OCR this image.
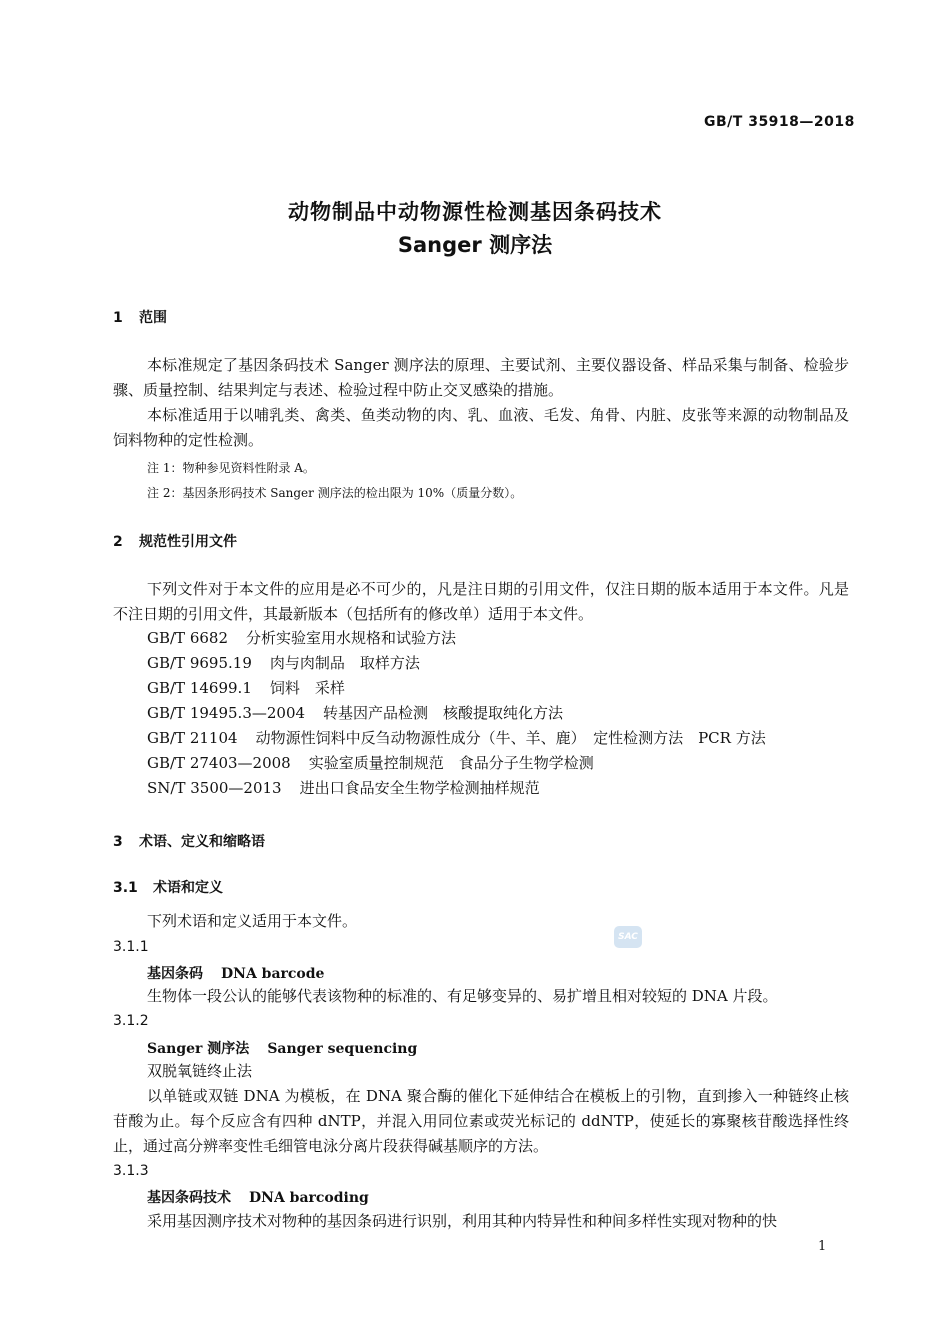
GB/T 35918—2018
动物制品中动物源性检测基因条码技术
Sanger 测序法
1 范围
本标准规定了基因条码技术 Sanger 测序法的原理、主要试剂、主要仪器设备、样品采集与制备、检验步骤、质量控制、结果判定与表述、检验过程中防止交叉感染的措施。
本标准适用于以哺乳类、禽类、鱼类动物的肉、乳、血液、毛发、角骨、内脏、皮张等来源的动物制品及饲料物种的定性检测。
注 1：物种参见资料性附录 A。
注 2：基因条形码技术 Sanger 测序法的检出限为 10%（质量分数）。
2 规范性引用文件
下列文件对于本文件的应用是必不可少的，凡是注日期的引用文件，仅注日期的版本适用于本文件。凡是不注日期的引用文件，其最新版本（包括所有的修改单）适用于本文件。
GB/T 6682 分析实验室用水规格和试验方法
GB/T 9695.19 肉与肉制品　取样方法
GB/T 14699.1 饲料　采样
GB/T 19495.3—2004 转基因产品检测　核酸提取纯化方法
GB/T 21104 动物源性饲料中反刍动物源性成分（牛、羊、鹿）　定性检测方法　PCR 方法
GB/T 27403—2008 实验室质量控制规范　食品分子生物学检测
SN/T 3500—2013 进出口食品安全生物学检测抽样规范
3 术语、定义和缩略语
3.1 术语和定义
下列术语和定义适用于本文件。
3.1.1
基因条码 DNA barcode
生物体一段公认的能够代表该物种的标准的、有足够变异的、易扩增且相对较短的 DNA 片段。
3.1.2
Sanger 测序法 Sanger sequencing
双脱氧链终止法
以单链或双链 DNA 为模板，在 DNA 聚合酶的催化下延伸结合在模板上的引物，直到掺入一种链终止核苷酸为止。每个反应含有四种 dNTP，并混入用同位素或荧光标记的 ddNTP，使延长的寡聚核苷酸选择性终止，通过高分辨率变性毛细管电泳分离片段获得碱基顺序的方法。
3.1.3
基因条码技术 DNA barcoding
采用基因测序技术对物种的基因条码进行识别，利用其种内特异性和种间多样性实现对物种的快
SAC
1
